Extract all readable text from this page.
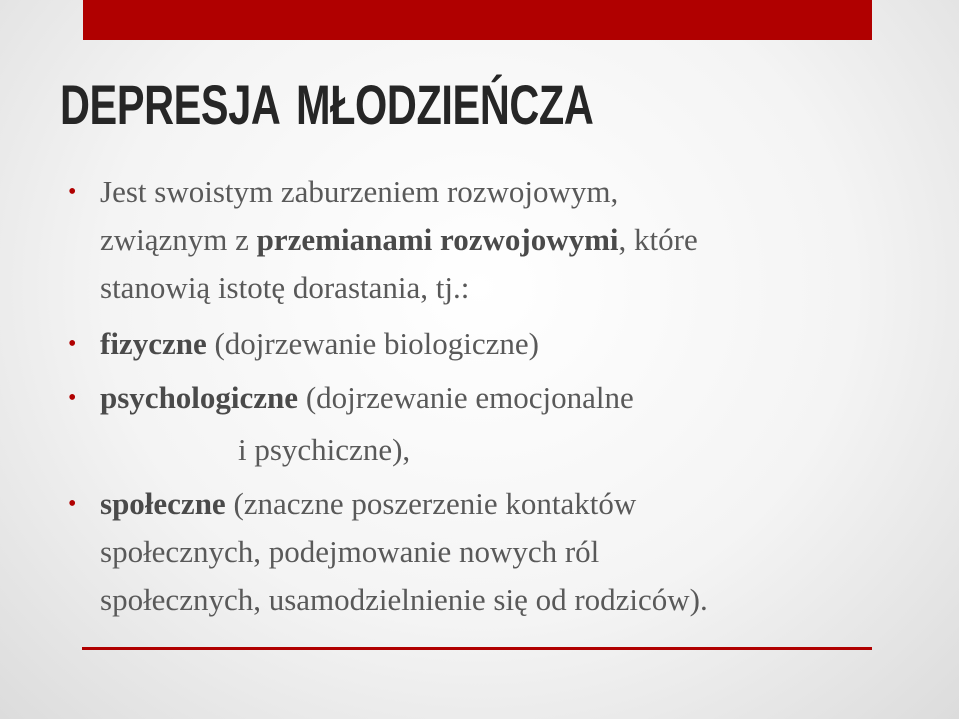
DEPRESJA MŁODZIEŃCZA
• Jest swoistym zaburzeniem rozwojowym,
związnym z przemianami rozwojowymi, które
stanowią istotę dorastania, tj.:
• fizyczne (dojrzewanie biologiczne)
• psychologiczne (dojrzewanie emocjonalne
i psychiczne),
• społeczne (znaczne poszerzenie kontaktów
społecznych, podejmowanie nowych ról
społecznych, usamodzielnienie się od rodziców).
